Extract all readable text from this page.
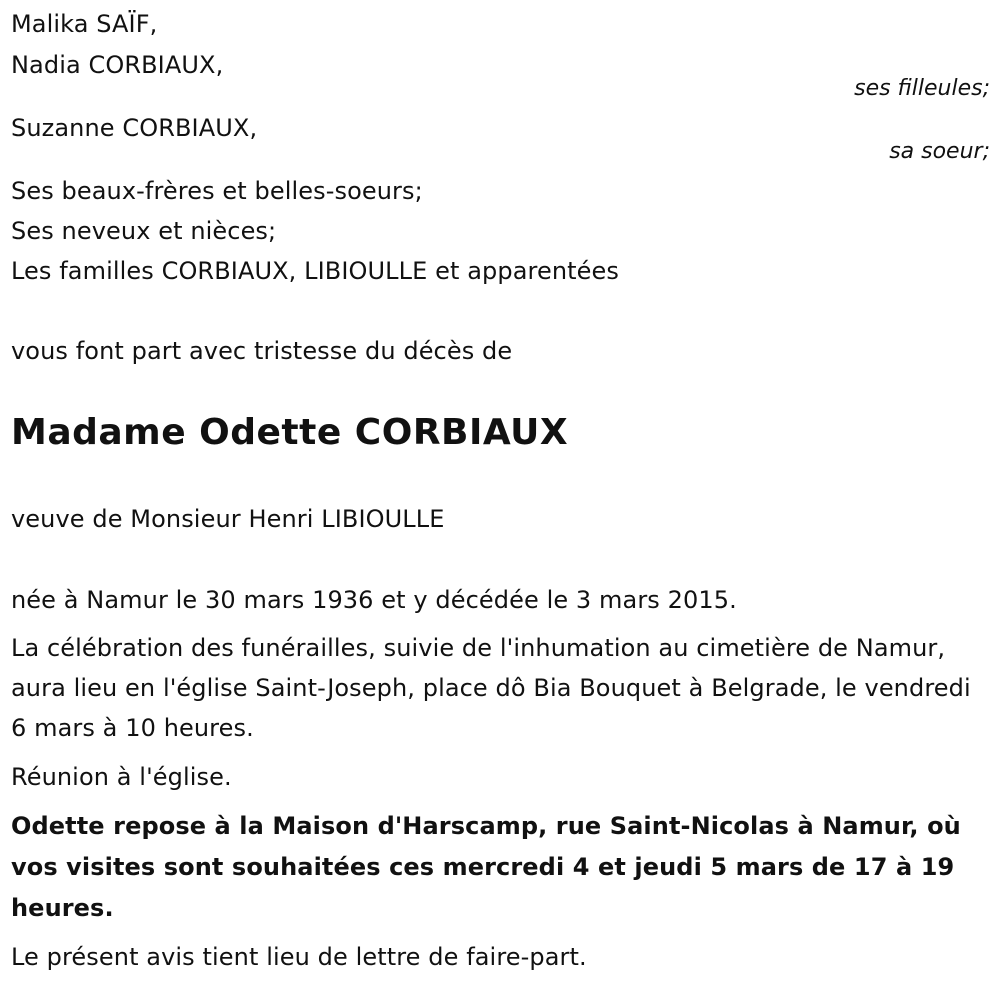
Malika SAÏF,
Nadia CORBIAUX,
ses filleules;
Suzanne CORBIAUX,
sa soeur;
Ses beaux-frères et belles-soeurs;
Ses neveux et nièces;
Les familles CORBIAUX, LIBIOULLE et apparentées
vous font part avec tristesse du décès de
Madame Odette CORBIAUX
veuve de Monsieur Henri LIBIOULLE
née à Namur le 30 mars 1936 et y décédée le 3 mars 2015.
La célébration des funérailles, suivie de l'inhumation au cimetière de Namur, aura lieu en l'église Saint-Joseph, place dô Bia Bouquet à Belgrade, le vendredi 6 mars à 10 heures.
Réunion à l'église.
Odette repose à la Maison d'Harscamp, rue Saint-Nicolas à Namur, où vos visites sont souhaitées ces mercredi 4 et jeudi 5 mars de 17 à 19 heures.
Le présent avis tient lieu de lettre de faire-part.
